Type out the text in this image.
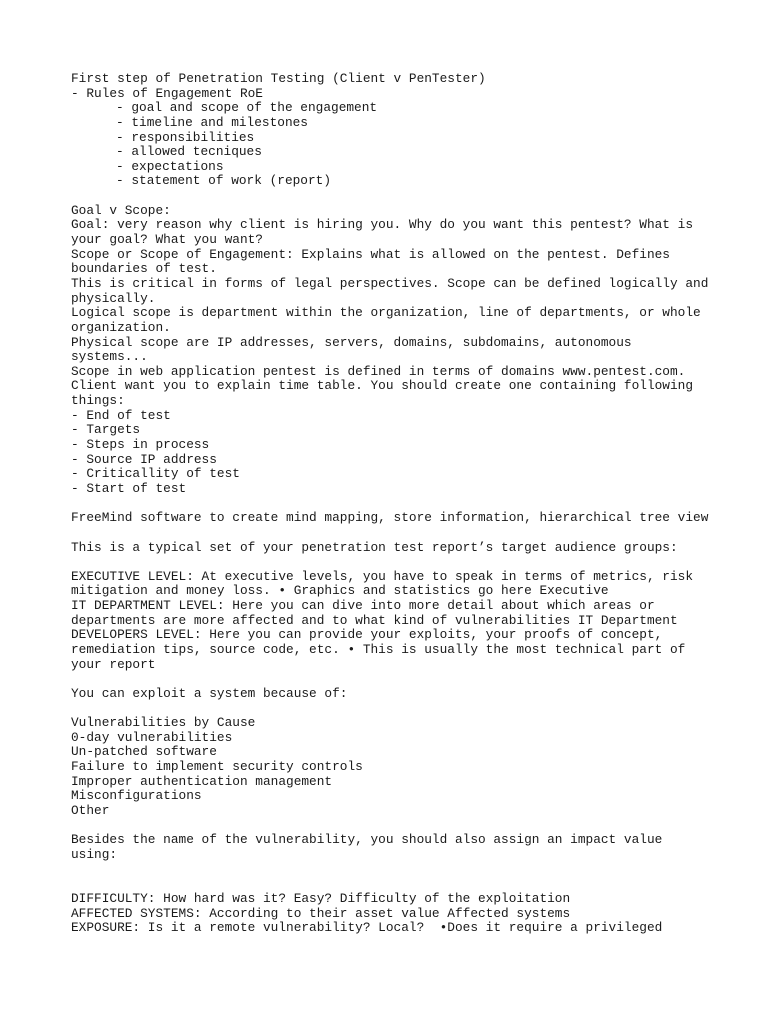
First step of Penetration Testing (Client v PenTester)
- Rules of Engagement RoE
- goal and scope of the engagement
- timeline and milestones
- responsibilities
- allowed tecniques
- expectations
- statement of work (report)
Goal v Scope:
Goal: very reason why client is hiring you. Why do you want this pentest? What is
your goal? What you want?
Scope or Scope of Engagement: Explains what is allowed on the pentest. Defines
boundaries of test.
This is critical in forms of legal perspectives. Scope can be defined logically and
physically.
Logical scope is department within the organization, line of departments, or whole
organization.
Physical scope are IP addresses, servers, domains, subdomains, autonomous
systems...
Scope in web application pentest is defined in terms of domains www.pentest.com.
Client want you to explain time table. You should create one containing following
things:
- End of test
- Targets
- Steps in process
- Source IP address
- Criticallity of test
- Start of test
FreeMind software to create mind mapping, store information, hierarchical tree view
This is a typical set of your penetration test report’s target audience groups:
EXECUTIVE LEVEL: At executive levels, you have to speak in terms of metrics, risk
mitigation and money loss. • Graphics and statistics go here Executive
IT DEPARTMENT LEVEL: Here you can dive into more detail about which areas or
departments are more affected and to what kind of vulnerabilities IT Department
DEVELOPERS LEVEL: Here you can provide your exploits, your proofs of concept,
remediation tips, source code, etc. • This is usually the most technical part of
your report
You can exploit a system because of:
Vulnerabilities by Cause
0-day vulnerabilities
Un-patched software
Failure to implement security controls
Improper authentication management
Misconfigurations
Other
Besides the name of the vulnerability, you should also assign an impact value
using:
DIFFICULTY: How hard was it? Easy? Difficulty of the exploitation
AFFECTED SYSTEMS: According to their asset value Affected systems
EXPOSURE: Is it a remote vulnerability? Local?  •Does it require a privileged
